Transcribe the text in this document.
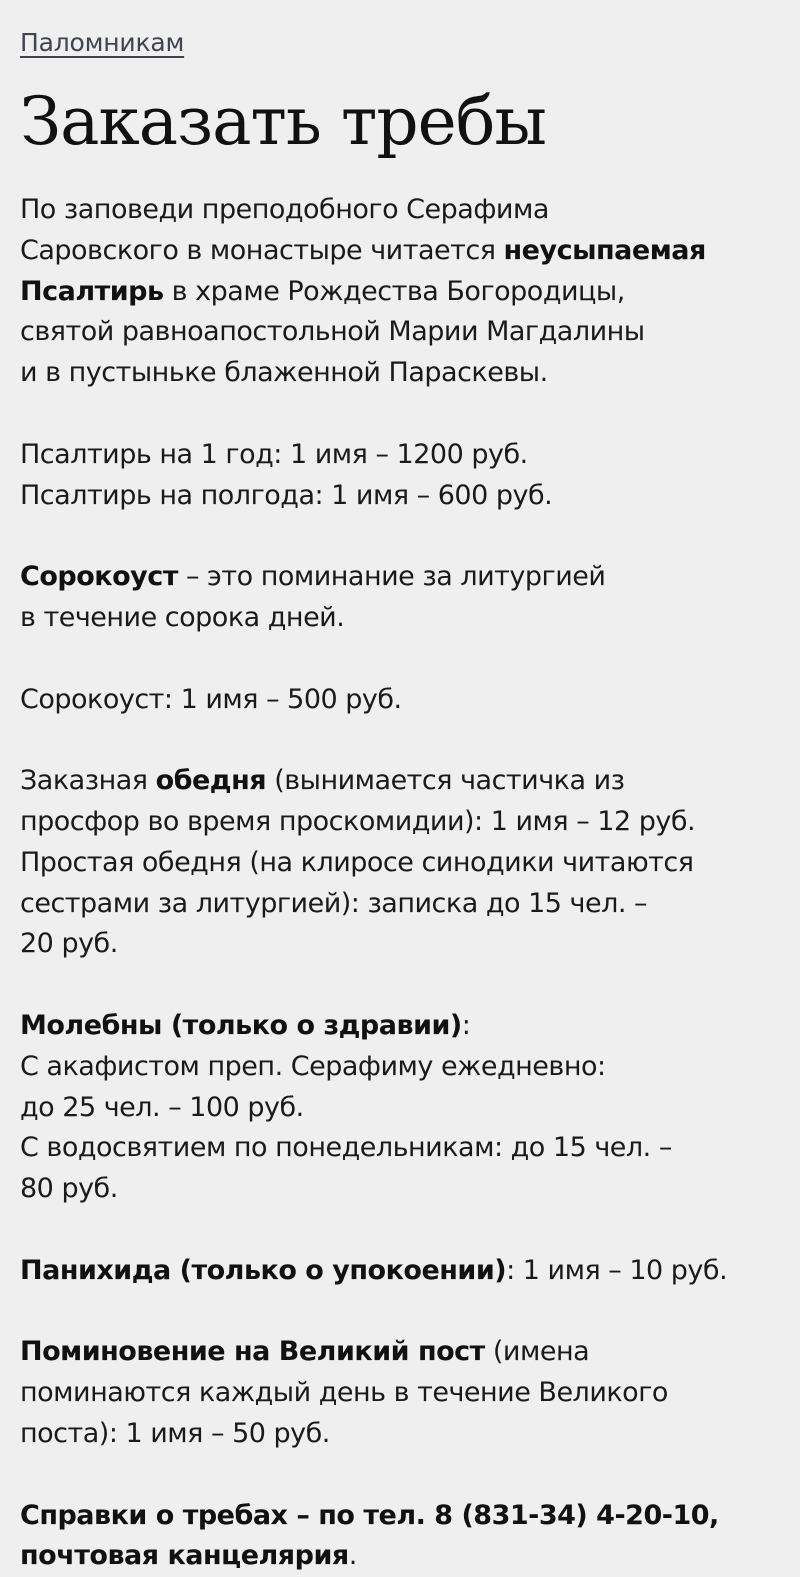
Паломникам
Заказать требы

По заповеди преподобного Серафима
Саровского в монастыре читается неусыпаемая
Псалтирь в храме Рождества Богородицы,
святой равноапостольной Марии Магдалины
и в пустыньке блаженной Параскевы.

Псалтирь на 1 год: 1 имя – 1200 руб.
Псалтирь на полгода: 1 имя – 600 руб.

Сорокоуст – это поминание за литургией
в течение сорока дней.

Сорокоуст: 1 имя – 500 руб.

Заказная обедня (вынимается частичка из
просфор во время проскомидии): 1 имя – 12 руб.
Простая обедня (на клиросе синодики читаются
сестрами за литургией): записка до 15 чел. –
20 руб.

Молебны (только о здравии):
С акафистом преп. Серафиму ежедневно:
до 25 чел. – 100 руб.
С водосвятием по понедельникам: до 15 чел. –
80 руб.

Панихида (только о упокоении): 1 имя – 10 руб.

Поминовение на Великий пост (имена
поминаются каждый день в течение Великого
поста): 1 имя – 50 руб.

Справки о требах – по тел. 8 (831-34) 4-20-10,
почтовая канцелярия.
